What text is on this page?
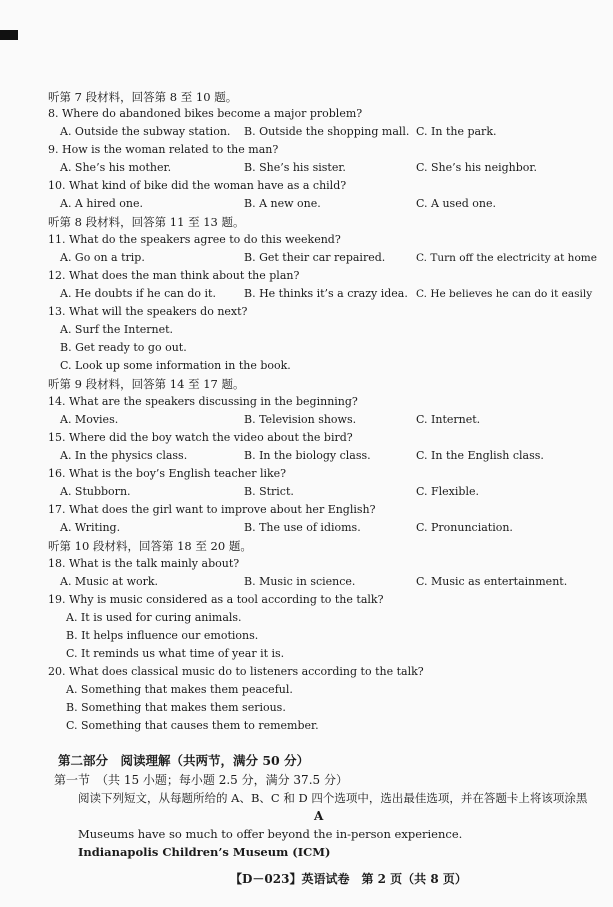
听第 7 段材料，回答第 8 至 10 题。
8. Where do abandoned bikes become a major problem?
A. Outside the subway station. B. Outside the shopping mall. C. In the park.
9. How is the woman related to the man?
A. She’s his mother.	B. She’s his sister.	C. She’s his neighbor.
10. What kind of bike did the woman have as a child?
A. A hired one.	B. A new one.	C. A used one.
听第 8 段材料，回答第 11 至 13 题。
11. What do the speakers agree to do this weekend?
A. Go on a trip.	B. Get their car repaired.	C. Turn off the electricity at home
12. What does the man think about the plan?
A. He doubts if he can do it.	B. He thinks it’s a crazy idea. C. He believes he can do it easily
13. What will the speakers do next?
A. Surf the Internet.
B. Get ready to go out.
C. Look up some information in the book.
听第 9 段材料，回答第 14 至 17 题。
14. What are the speakers discussing in the beginning?
A. Movies.	B. Television shows.	C. Internet.
15. Where did the boy watch the video about the bird?
A. In the physics class.	B. In the biology class.	C. In the English class.
16. What is the boy’s English teacher like?
A. Stubborn.	B. Strict.	C. Flexible.
17. What does the girl want to improve about her English?
A. Writing.	B. The use of idioms.	C. Pronunciation.
听第 10 段材料，回答第 18 至 20 题。
18. What is the talk mainly about?
A. Music at work.	B. Music in science.	C. Music as entertainment.
19. Why is music considered as a tool according to the talk?
A. It is used for curing animals.
B. It helps influence our emotions.
C. It reminds us what time of year it is.
20. What does classical music do to listeners according to the talk?
A. Something that makes them peaceful.
B. Something that makes them serious.
C. Something that causes them to remember.
第二部分　阅读理解（共两节，满分 50 分）
第一节　（共 15 小题；每小题 2.5 分，满分 37.5 分）
阅读下列短文，从每题所给的 A、B、C 和 D 四个选项中，选出最佳选项，并在答题卡上将该项涂黑
A
Museums have so much to offer beyond the in-person experience.
Indianapolis Children’s Museum (ICM)
【D－023】英语试卷　第 2 页（共 8 页）
